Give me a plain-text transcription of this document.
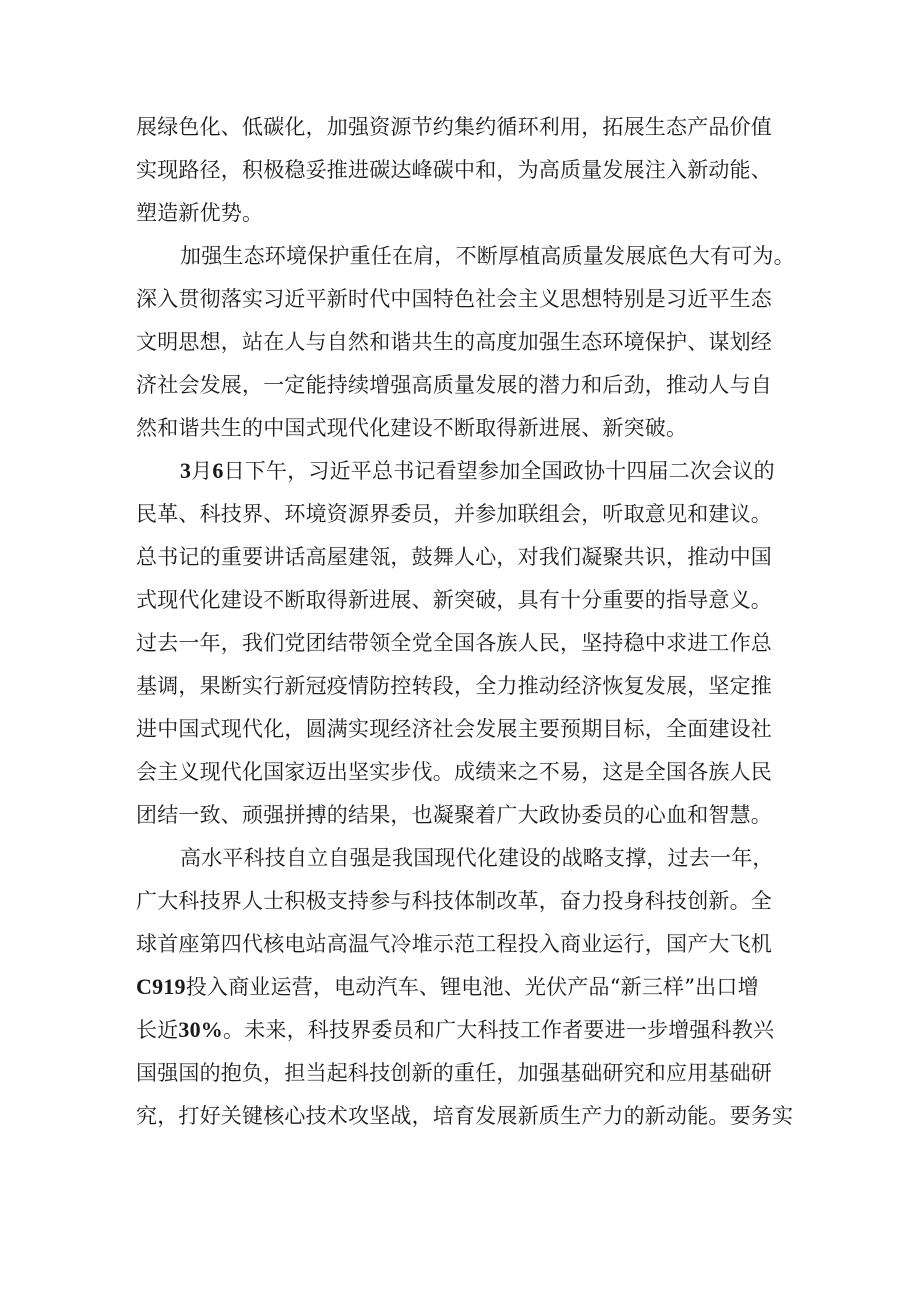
展绿色化、低碳化，加强资源节约集约循环利用，拓展生态产品价值
实现路径，积极稳妥推进碳达峰碳中和，为高质量发展注入新动能、
塑造新优势。
加强生态环境保护重任在肩，不断厚植高质量发展底色大有可为。
深入贯彻落实习近平新时代中国特色社会主义思想特别是习近平生态
文明思想，站在人与自然和谐共生的高度加强生态环境保护、谋划经
济社会发展，一定能持续增强高质量发展的潜力和后劲，推动人与自
然和谐共生的中国式现代化建设不断取得新进展、新突破。
3月6日下午，习近平总书记看望参加全国政协十四届二次会议的
民革、科技界、环境资源界委员，并参加联组会，听取意见和建议。
总书记的重要讲话高屋建瓴，鼓舞人心，对我们凝聚共识，推动中国
式现代化建设不断取得新进展、新突破，具有十分重要的指导意义。
过去一年，我们党团结带领全党全国各族人民，坚持稳中求进工作总
基调，果断实行新冠疫情防控转段，全力推动经济恢复发展，坚定推
进中国式现代化，圆满实现经济社会发展主要预期目标，全面建设社
会主义现代化国家迈出坚实步伐。成绩来之不易，这是全国各族人民
团结一致、顽强拼搏的结果，也凝聚着广大政协委员的心血和智慧。
高水平科技自立自强是我国现代化建设的战略支撑，过去一年，
广大科技界人士积极支持参与科技体制改革，奋力投身科技创新。全
球首座第四代核电站高温气冷堆示范工程投入商业运行，国产大飞机
C919投入商业运营，电动汽车、锂电池、光伏产品“新三样”出口增
长近30%。未来，科技界委员和广大科技工作者要进一步增强科教兴
国强国的抱负，担当起科技创新的重任，加强基础研究和应用基础研
究，打好关键核心技术攻坚战，培育发展新质生产力的新动能。要务实
